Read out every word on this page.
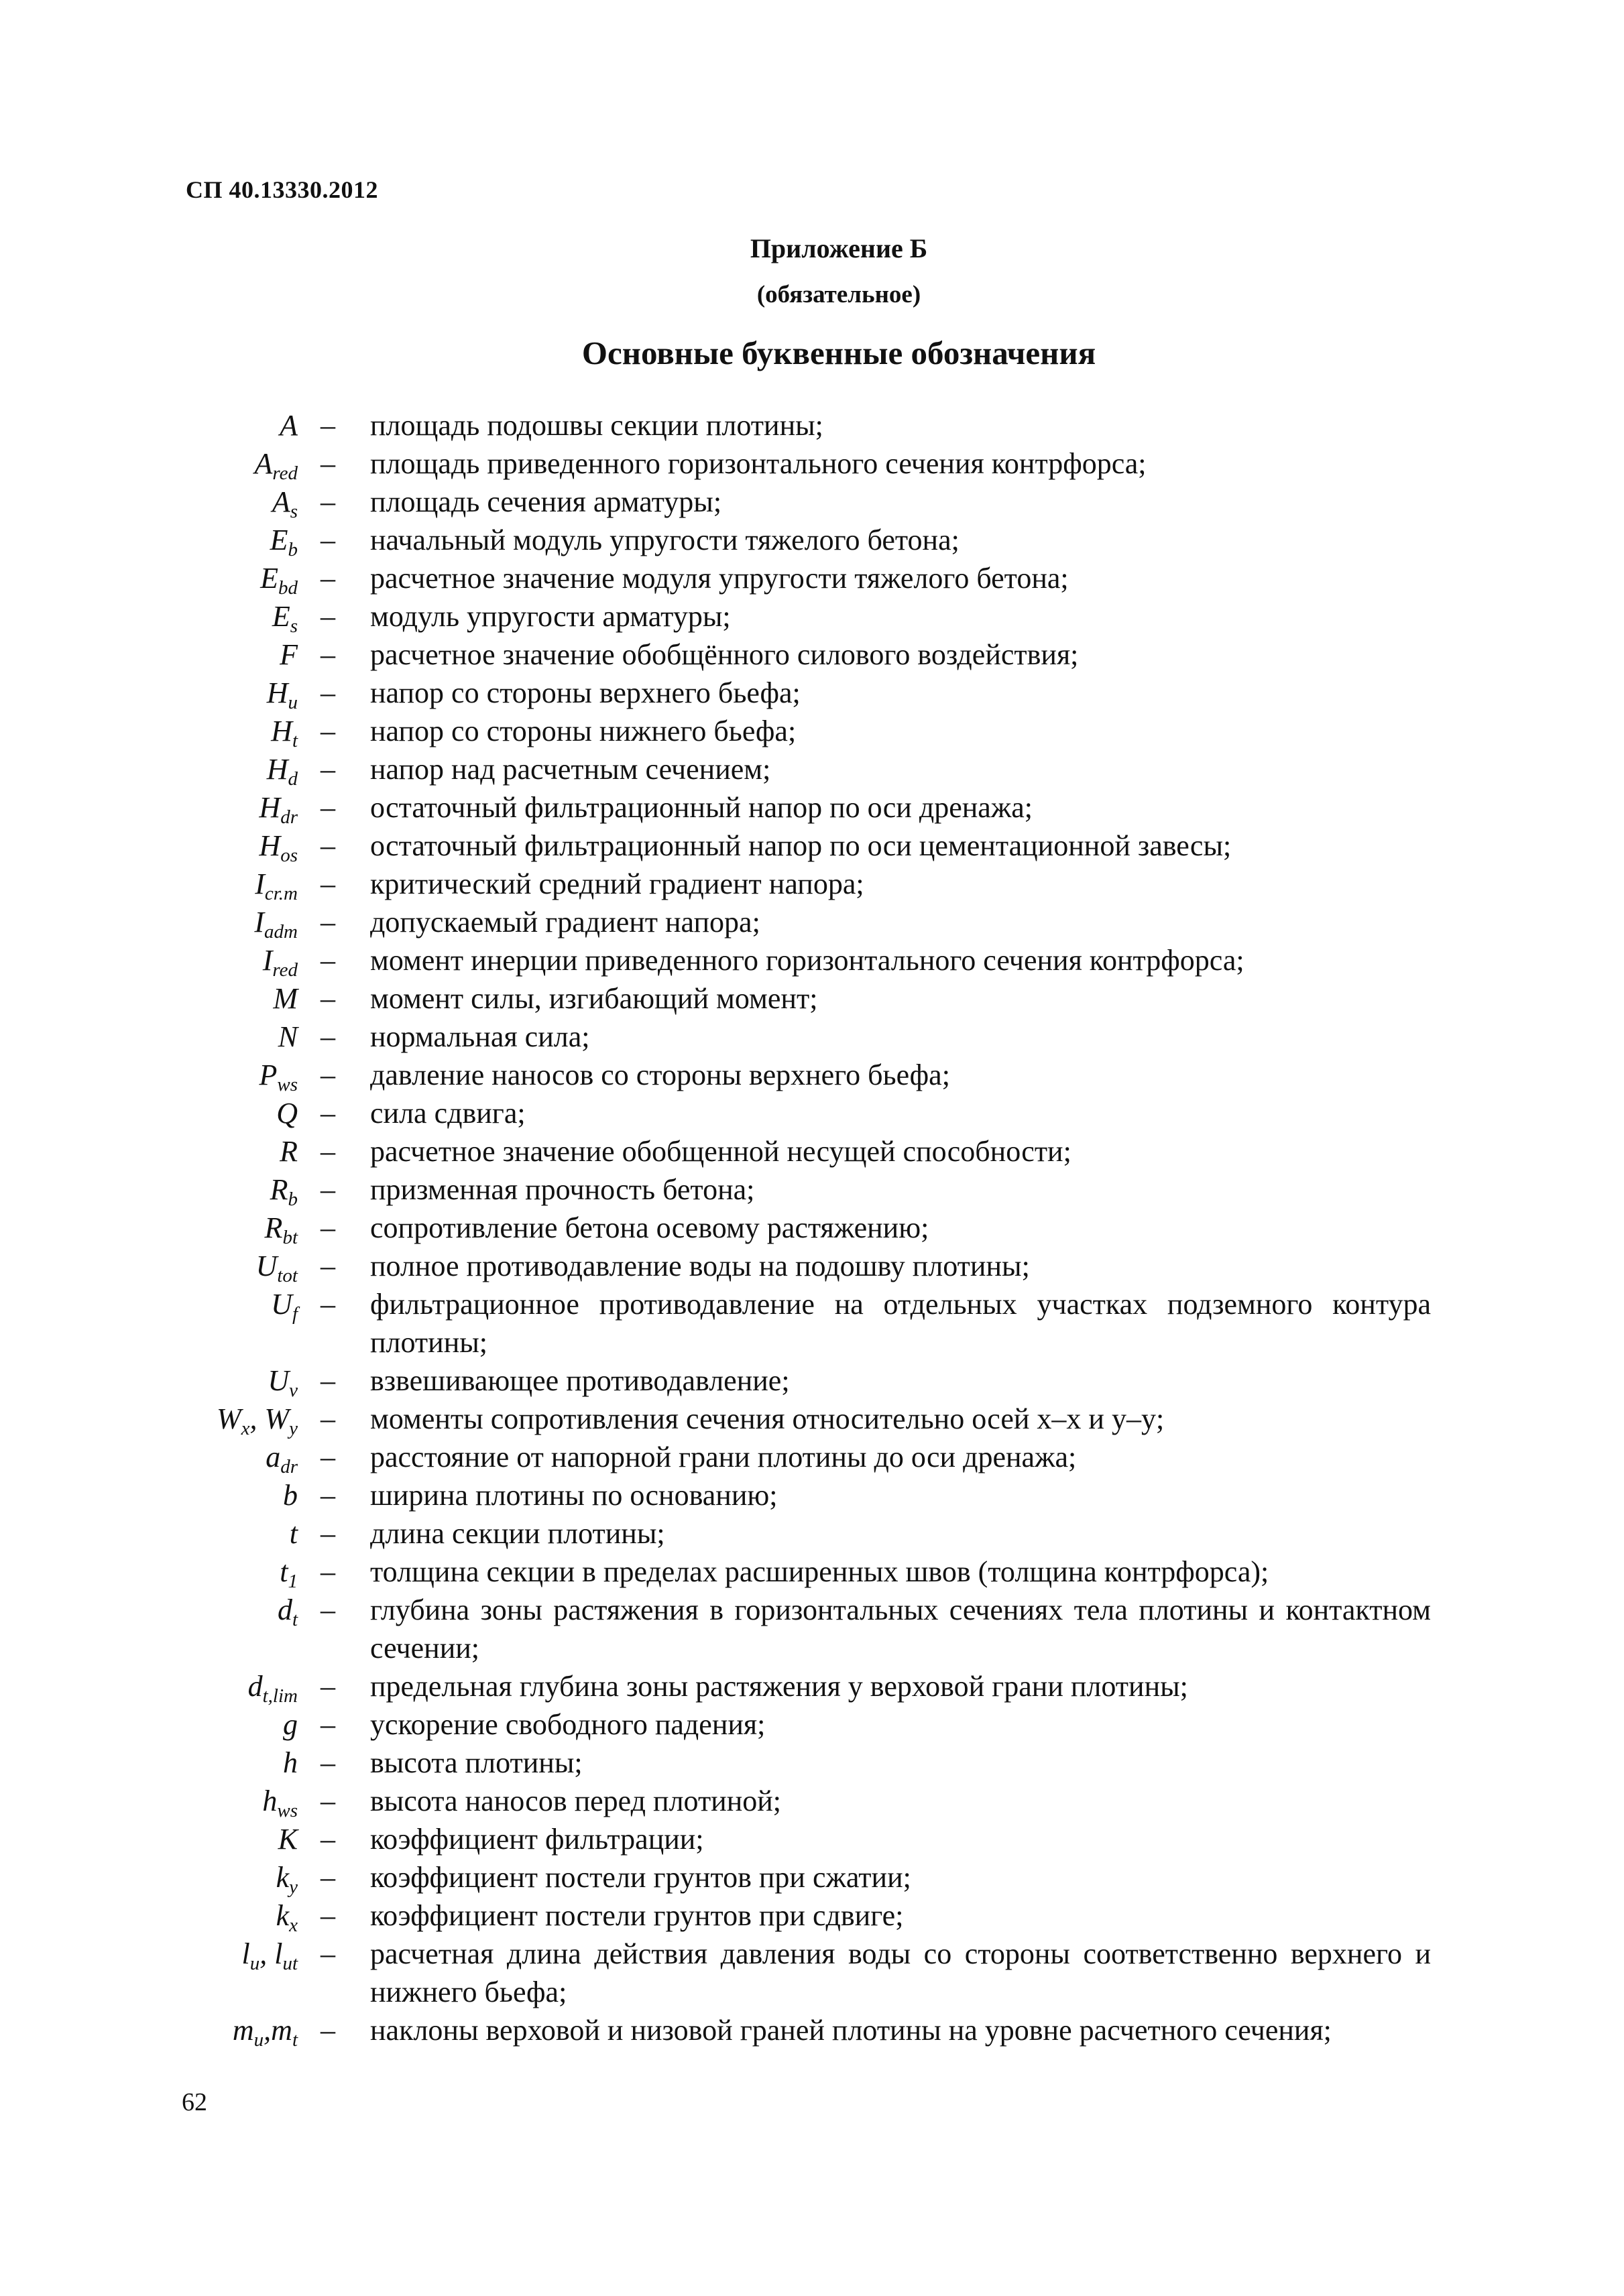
СП 40.13330.2012
Приложение Б
(обязательное)
Основные буквенные обозначения
A – площадь подошвы секции плотины;
$A_{red}$ – площадь приведенного горизонтального сечения контрфорса;
$A_s$ – площадь сечения арматуры;
$E_b$ – начальный модуль упругости тяжелого бетона;
$E_{bd}$ – расчетное значение модуля упругости тяжелого бетона;
$E_s$ – модуль упругости арматуры;
F – расчетное значение обобщённого силового воздействия;
$H_u$ – напор со стороны верхнего бьефа;
$H_t$ – напор со стороны нижнего бьефа;
$H_d$ – напор над расчетным сечением;
$H_{dr}$ – остаточный фильтрационный напор по оси дренажа;
$H_{os}$ – остаточный фильтрационный напор по оси цементационной завесы;
$I_{cr.m}$ – критический средний градиент напора;
$I_{adm}$ – допускаемый градиент напора;
$I_{red}$ – момент инерции приведенного горизонтального сечения контрфорса;
M – момент силы, изгибающий момент;
N – нормальная сила;
$P_{ws}$ – давление наносов со стороны верхнего бьефа;
Q – сила сдвига;
R – расчетное значение обобщенной несущей способности;
$R_b$ – призменная прочность бетона;
$R_{bt}$ – сопротивление бетона осевому растяжению;
$U_{tot}$ – полное противодавление воды на подошву плотины;
$U_f$ – фильтрационное противодавление на отдельных участках подземного контура плотины;
$U_v$ – взвешивающее противодавление;
$W_x$, $W_y$ – моменты сопротивления сечения относительно осей x–x и y–y;
$a_{dr}$ – расстояние от напорной грани плотины до оси дренажа;
b – ширина плотины по основанию;
t – длина секции плотины;
$t_1$ – толщина секции в пределах расширенных швов (толщина контрфорса);
$d_t$ – глубина зоны растяжения в горизонтальных сечениях тела плотины и контактном сечении;
$d_{t,lim}$ – предельная глубина зоны растяжения у верховой грани плотины;
g – ускорение свободного падения;
h – высота плотины;
$h_{ws}$ – высота наносов перед плотиной;
K – коэффициент фильтрации;
$k_y$ – коэффициент постели грунтов при сжатии;
$k_x$ – коэффициент постели грунтов при сдвиге;
$l_u$, $l_{ut}$ – расчетная длина действия давления воды со стороны соответственно верхнего и нижнего бьефа;
$m_u,m_t$ – наклоны верховой и низовой граней плотины на уровне расчетного сечения;
62
